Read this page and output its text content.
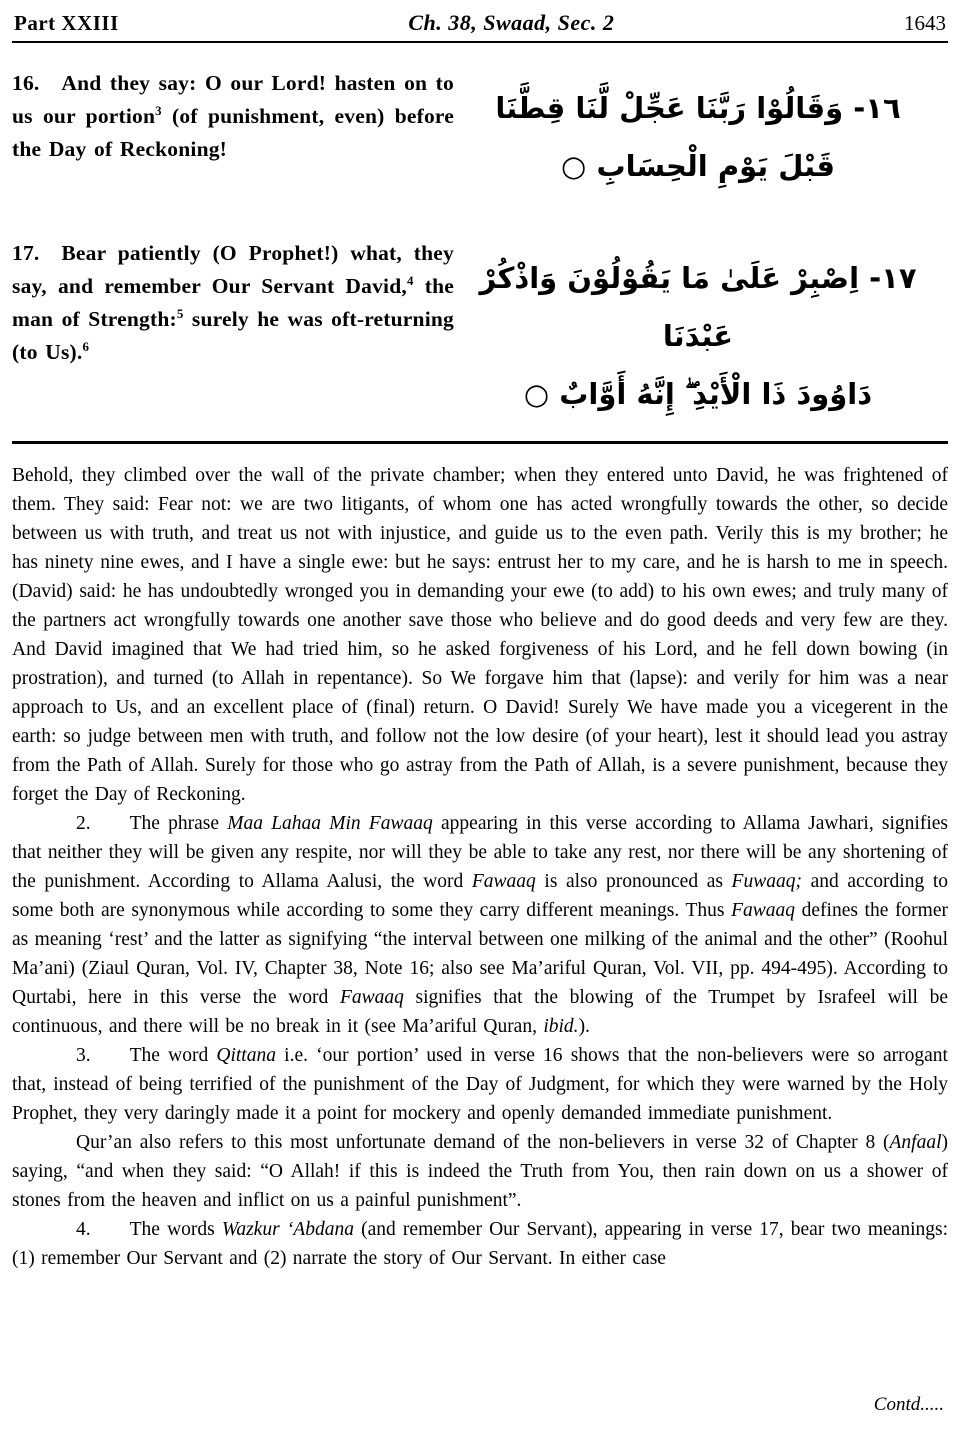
Part XXIII	Ch. 38, Swaad, Sec. 2	1643
16.  And they say: O our Lord! hasten on to us our portion$^3$ (of punishment, even) before the Day of Reckoning!
١٦- وَقَالُوْا رَبَّنَا عَجِّلْ لَّنَا قِطَّنَا
قَبْلَ يَوْمِ الْحِسَابِ ○
17.  Bear patiently (O Prophet!) what, they say, and remember Our Servant David,$^4$ the man of Strength:$^5$ surely he was oft-returning (to Us).$^6$
١٧- اِصْبِرْ عَلَىٰ مَا يَقُوْلُوْنَ وَاذْكُرْ عَبْدَنَا
دَاوُودَ ذَا الْأَيْدِ ۖ إِنَّهُ أَوَّابٌ ○

Behold, they climbed over the wall of the private chamber; when they entered unto David, he was frightened of them. They said: Fear not: we are two litigants, of whom one has acted wrongfully towards the other, so decide between us with truth, and treat us not with injustice, and guide us to the even path. Verily this is my brother; he has ninety nine ewes, and I have a single ewe: but he says: entrust her to my care, and he is harsh to me in speech. (David) said: he has undoubtedly wronged you in demanding your ewe (to add) to his own ewes; and truly many of the partners act wrongfully towards one another save those who believe and do good deeds and very few are they. And David imagined that We had tried him, so he asked forgiveness of his Lord, and he fell down bowing (in prostration), and turned (to Allah in repentance). So We forgave him that (lapse): and verily for him was a near approach to Us, and an excellent place of (final) return. O David! Surely We have made you a vicegerent in the earth: so judge between men with truth, and follow not the low desire (of your heart), lest it should lead you astray from the Path of Allah. Surely for those who go astray from the Path of Allah, is a severe punishment, because they forget the Day of Reckoning.

2.  The phrase Maa Lahaa Min Fawaaq appearing in this verse according to Allama Jawhari, signifies that neither they will be given any respite, nor will they be able to take any rest, nor there will be any shortening of the punishment. According to Allama Aalusi, the word Fawaaq is also pronounced as Fuwaaq; and according to some both are synonymous while according to some they carry different meanings. Thus Fawaaq defines the former as meaning ‘rest’ and the latter as signifying “the interval between one milking of the animal and the other” (Roohul Ma’ani) (Ziaul Quran, Vol. IV, Chapter 38, Note 16; also see Ma’ariful Quran, Vol. VII, pp. 494-495). According to Qurtabi, here in this verse the word Fawaaq signifies that the blowing of the Trumpet by Israfeel will be continuous, and there will be no break in it (see Ma’ariful Quran, ibid.).

3.  The word Qittana i.e. ‘our portion’ used in verse 16 shows that the non-believers were so arrogant that, instead of being terrified of the punishment of the Day of Judgment, for which they were warned by the Holy Prophet, they very daringly made it a point for mockery and openly demanded immediate punishment.

Qur’an also refers to this most unfortunate demand of the non-believers in verse 32 of Chapter 8 (Anfaal) saying, “and when they said: “O Allah! if this is indeed the Truth from You, then rain down on us a shower of stones from the heaven and inflict on us a painful punishment”.

4.  The words Wazkur ‘Abdana (and remember Our Servant), appearing in verse 17, bear two meanings: (1) remember Our Servant and (2) narrate the story of Our Servant. In either case

Contd.....
